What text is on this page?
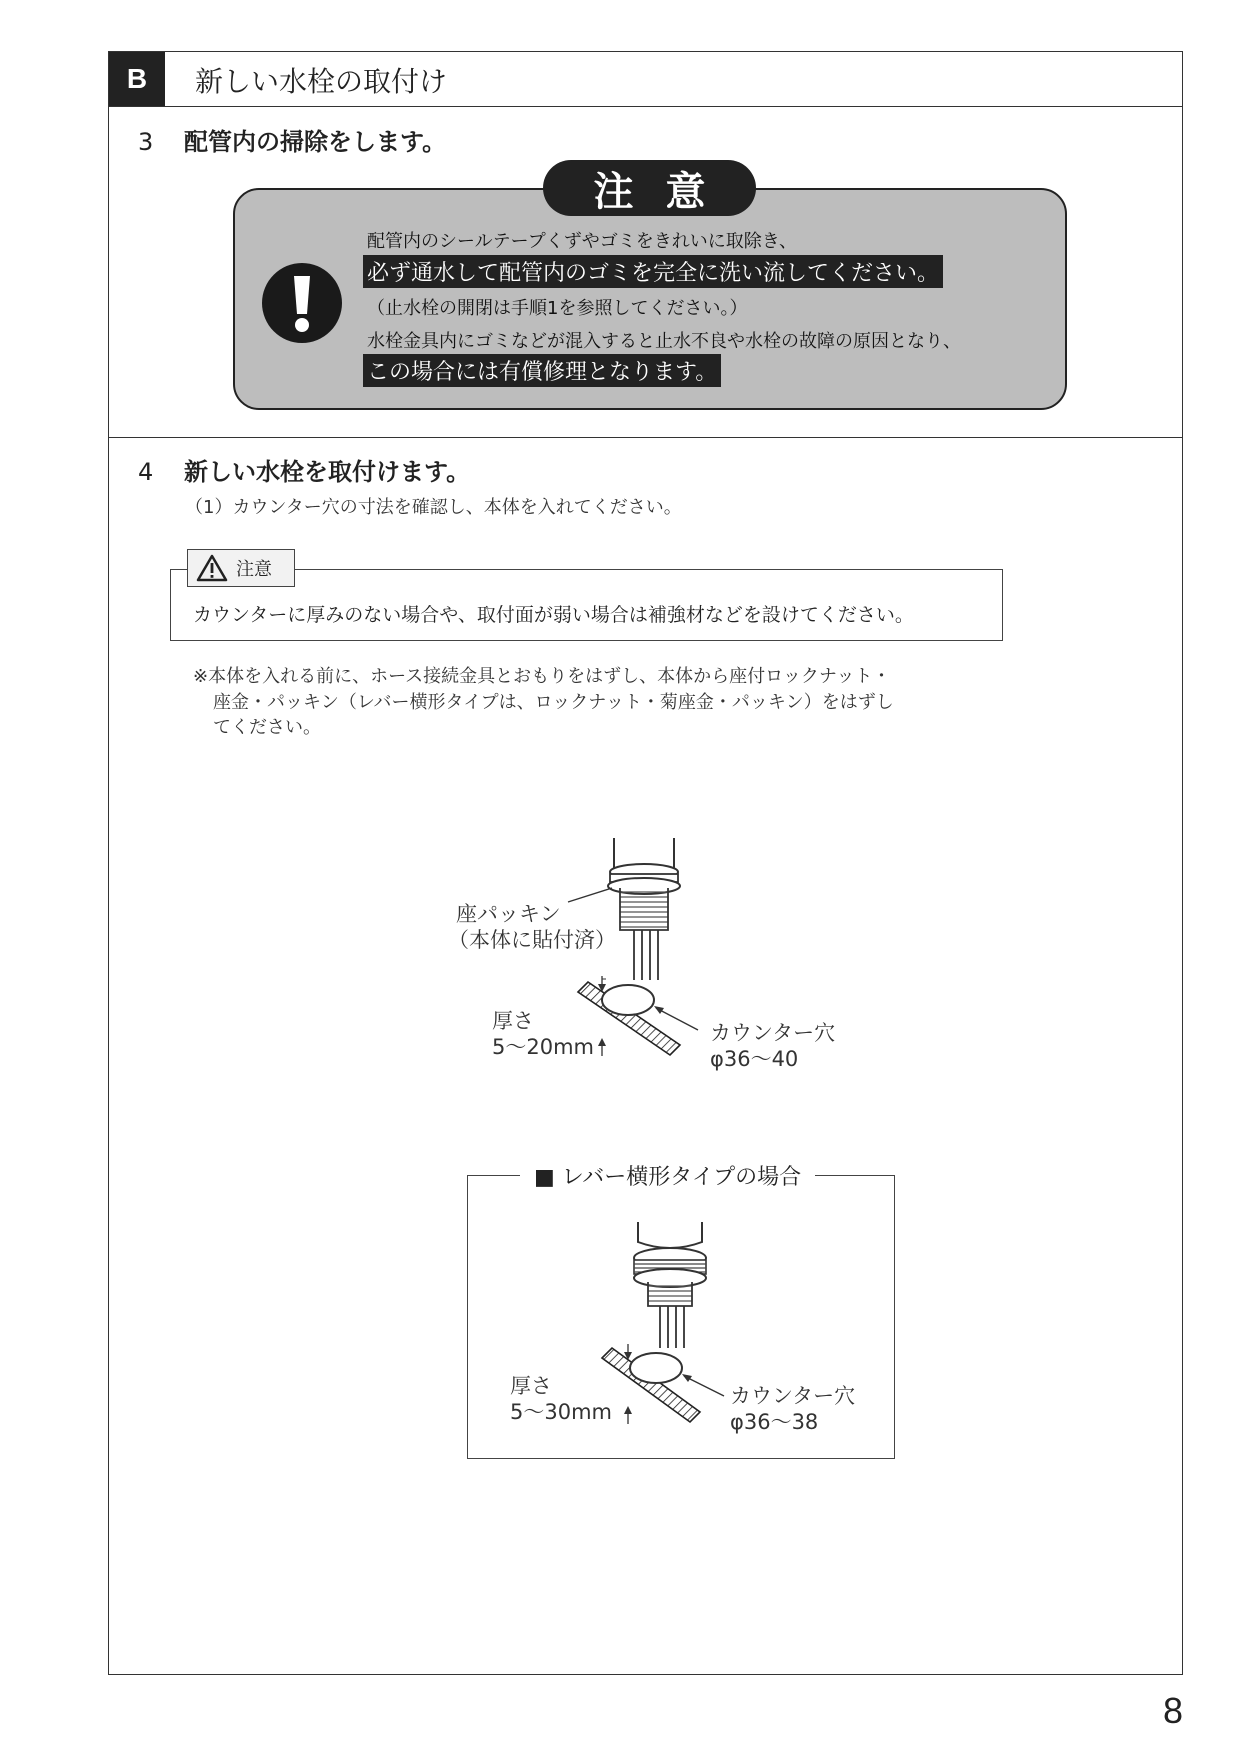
B	新しい水栓の取付け
3 配管内の掃除をします。
注意
配管内のシールテープくずやゴミをきれいに取除き、
必ず通水して配管内のゴミを完全に洗い流してください。
（止水栓の開閉は手順1を参照してください。）
水栓金具内にゴミなどが混入すると止水不良や水栓の故障の原因となり、
この場合には有償修理となります。
4 新しい水栓を取付けます。
（1）カウンター穴の寸法を確認し、本体を入れてください。
注意
カウンターに厚みのない場合や、取付面が弱い場合は補強材などを設けてください。
※本体を入れる前に、ホース接続金具とおもりをはずし、本体から座付ロックナット・
座金・パッキン（レバー横形タイプは、ロックナット・菊座金・パッキン）をはずし
てください。
座パッキン
（本体に貼付済）
厚さ
5～20mm
カウンター穴
φ36～40
■ レバー横形タイプの場合
厚さ
5～30mm
カウンター穴
φ36～38
8
